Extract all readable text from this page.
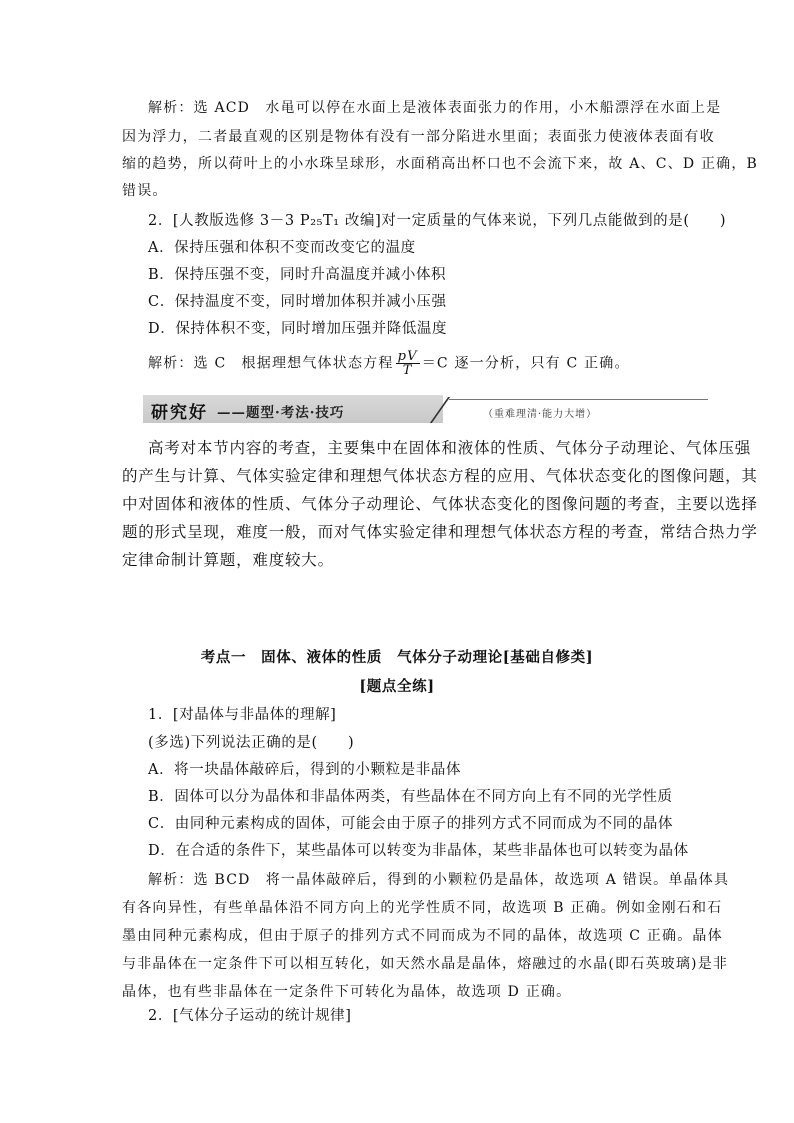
解析：选 ACD　水黾可以停在水面上是液体表面张力的作用，小木船漂浮在水面上是
因为浮力，二者最直观的区别是物体有没有一部分陷进水里面；表面张力使液体表面有收
缩的趋势，所以荷叶上的小水珠呈球形，水面稍高出杯口也不会流下来，故 A、C、D 正确，B
错误。
2．[人教版选修 3－3 P₂₅T₁ 改编]对一定质量的气体来说，下列几点能做到的是(　　)
A．保持压强和体积不变而改变它的温度
B．保持压强不变，同时升高温度并减小体积
C．保持温度不变，同时增加体积并减小压强
D．保持体积不变，同时增加压强并降低温度
解析：选 C　根据理想气体状态方程 $\frac{pV}{T} =C$ 逐一分析，只有 C 正确。
研究好 ——题型·考法·技巧	（重难理清·能力大增）
高考对本节内容的考查，主要集中在固体和液体的性质、气体分子动理论、气体压强
的产生与计算、气体实验定律和理想气体状态方程的应用、气体状态变化的图像问题，其
中对固体和液体的性质、气体分子动理论、气体状态变化的图像问题的考查，主要以选择
题的形式呈现，难度一般，而对气体实验定律和理想气体状态方程的考查，常结合热力学
定律命制计算题，难度较大。
考点一　固体、液体的性质　气体分子动理论[基础自修类]
[题点全练]
1．[对晶体与非晶体的理解]
(多选)下列说法正确的是(　　)
A．将一块晶体敲碎后，得到的小颗粒是非晶体
B．固体可以分为晶体和非晶体两类，有些晶体在不同方向上有不同的光学性质
C．由同种元素构成的固体，可能会由于原子的排列方式不同而成为不同的晶体
D．在合适的条件下，某些晶体可以转变为非晶体，某些非晶体也可以转变为晶体
解析：选 BCD　将一晶体敲碎后，得到的小颗粒仍是晶体，故选项 A 错误。单晶体具
有各向异性，有些单晶体沿不同方向上的光学性质不同，故选项 B 正确。例如金刚石和石
墨由同种元素构成，但由于原子的排列方式不同而成为不同的晶体，故选项 C 正确。晶体
与非晶体在一定条件下可以相互转化，如天然水晶是晶体，熔融过的水晶(即石英玻璃)是非
晶体，也有些非晶体在一定条件下可转化为晶体，故选项 D 正确。
2．[气体分子运动的统计规律]
